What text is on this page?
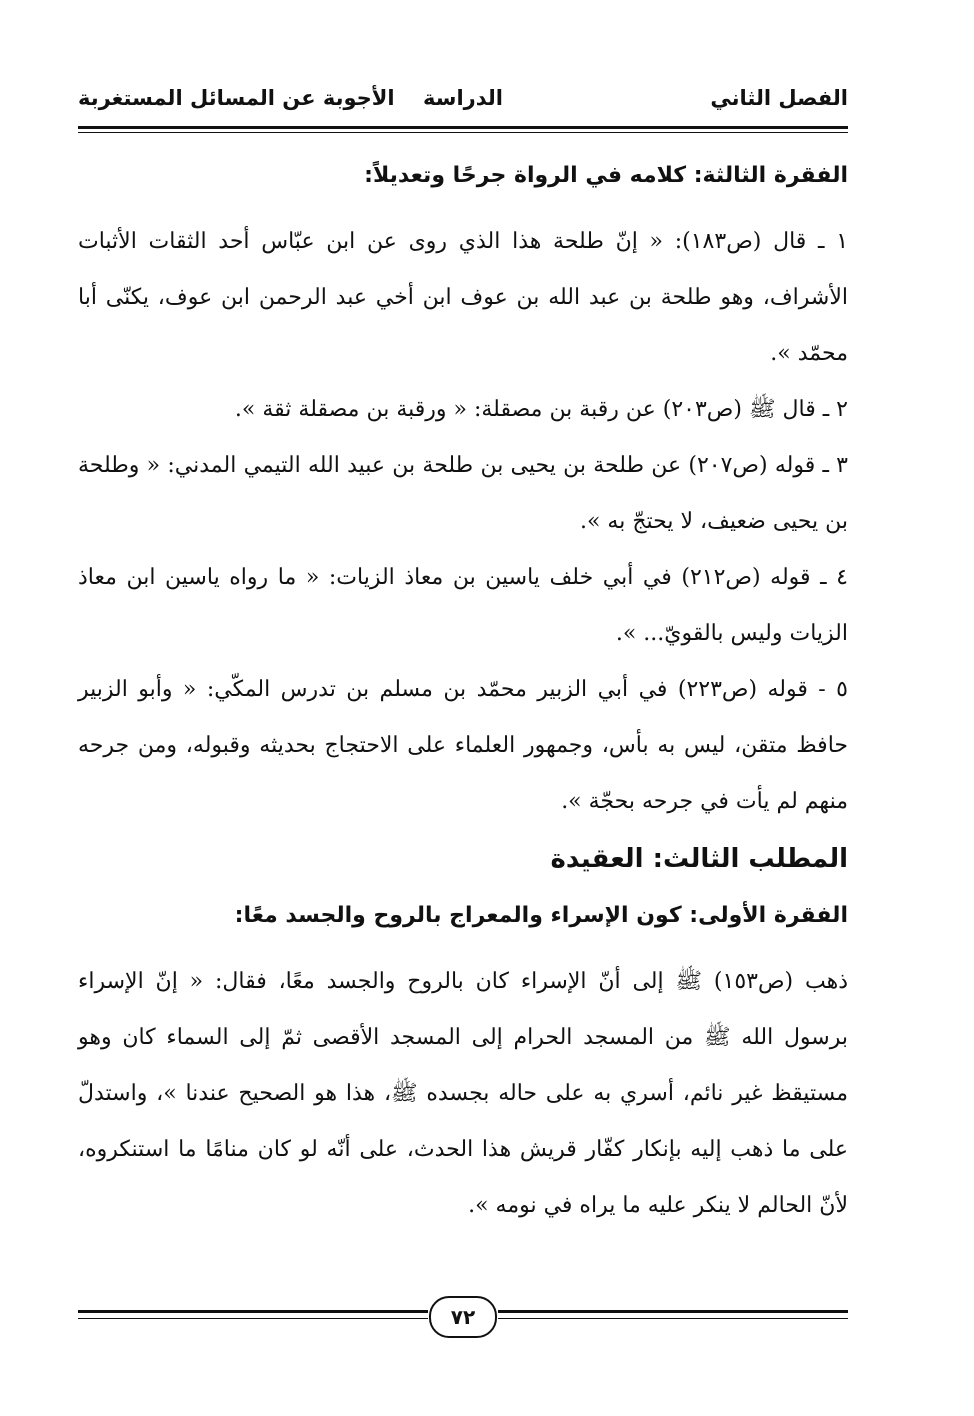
الفصل الثاني
الدراسة
الأجوبة عن المسائل المستغربة

الفقرة الثالثة: كلامه في الرواة جرحًا وتعديلاً:

١ ـ قال (ص١٨٣): « إنّ طلحة هذا الذي روى عن ابن عبّاس أحد الثقات الأثبات الأشراف، وهو طلحة بن عبد الله بن عوف ابن أخي عبد الرحمن ابن عوف، يكنّى أبا محمّد ».

٢ ـ قال ﷺ (ص٢٠٣) عن رقبة بن مصقلة: « ورقبة بن مصقلة ثقة ».

٣ ـ قوله (ص٢٠٧) عن طلحة بن يحيى بن طلحة بن عبيد الله التيمي المدني: « وطلحة بن يحيى ضعيف، لا يحتجّ به ».

٤ ـ قوله (ص٢١٢) في أبي خلف ياسين بن معاذ الزيات: « ما رواه ياسين ابن معاذ الزيات وليس بالقويّ... ».

٥ - قوله (ص٢٢٣) في أبي الزبير محمّد بن مسلم بن تدرس المكّي: « وأبو الزبير حافظ متقن، ليس به بأس، وجمهور العلماء على الاحتجاج بحديثه وقبوله، ومن جرحه منهم لم يأت في جرحه بحجّة ».

المطلب الثالث: العقيدة

الفقرة الأولى: كون الإسراء والمعراج بالروح والجسد معًا:

ذهب (ص١٥٣) ﷺ إلى أنّ الإسراء كان بالروح والجسد معًا، فقال: « إنّ الإسراء برسول الله ﷺ من المسجد الحرام إلى المسجد الأقصى ثمّ إلى السماء كان وهو مستيقظ غير نائم، أسري به على حاله بجسده ﷺ، هذا هو الصحيح عندنا »، واستدلّ على ما ذهب إليه بإنكار كفّار قريش هذا الحدث، على أنّه لو كان منامًا ما استنكروه، لأنّ الحالم لا ينكر عليه ما يراه في نومه ».

٧٢
